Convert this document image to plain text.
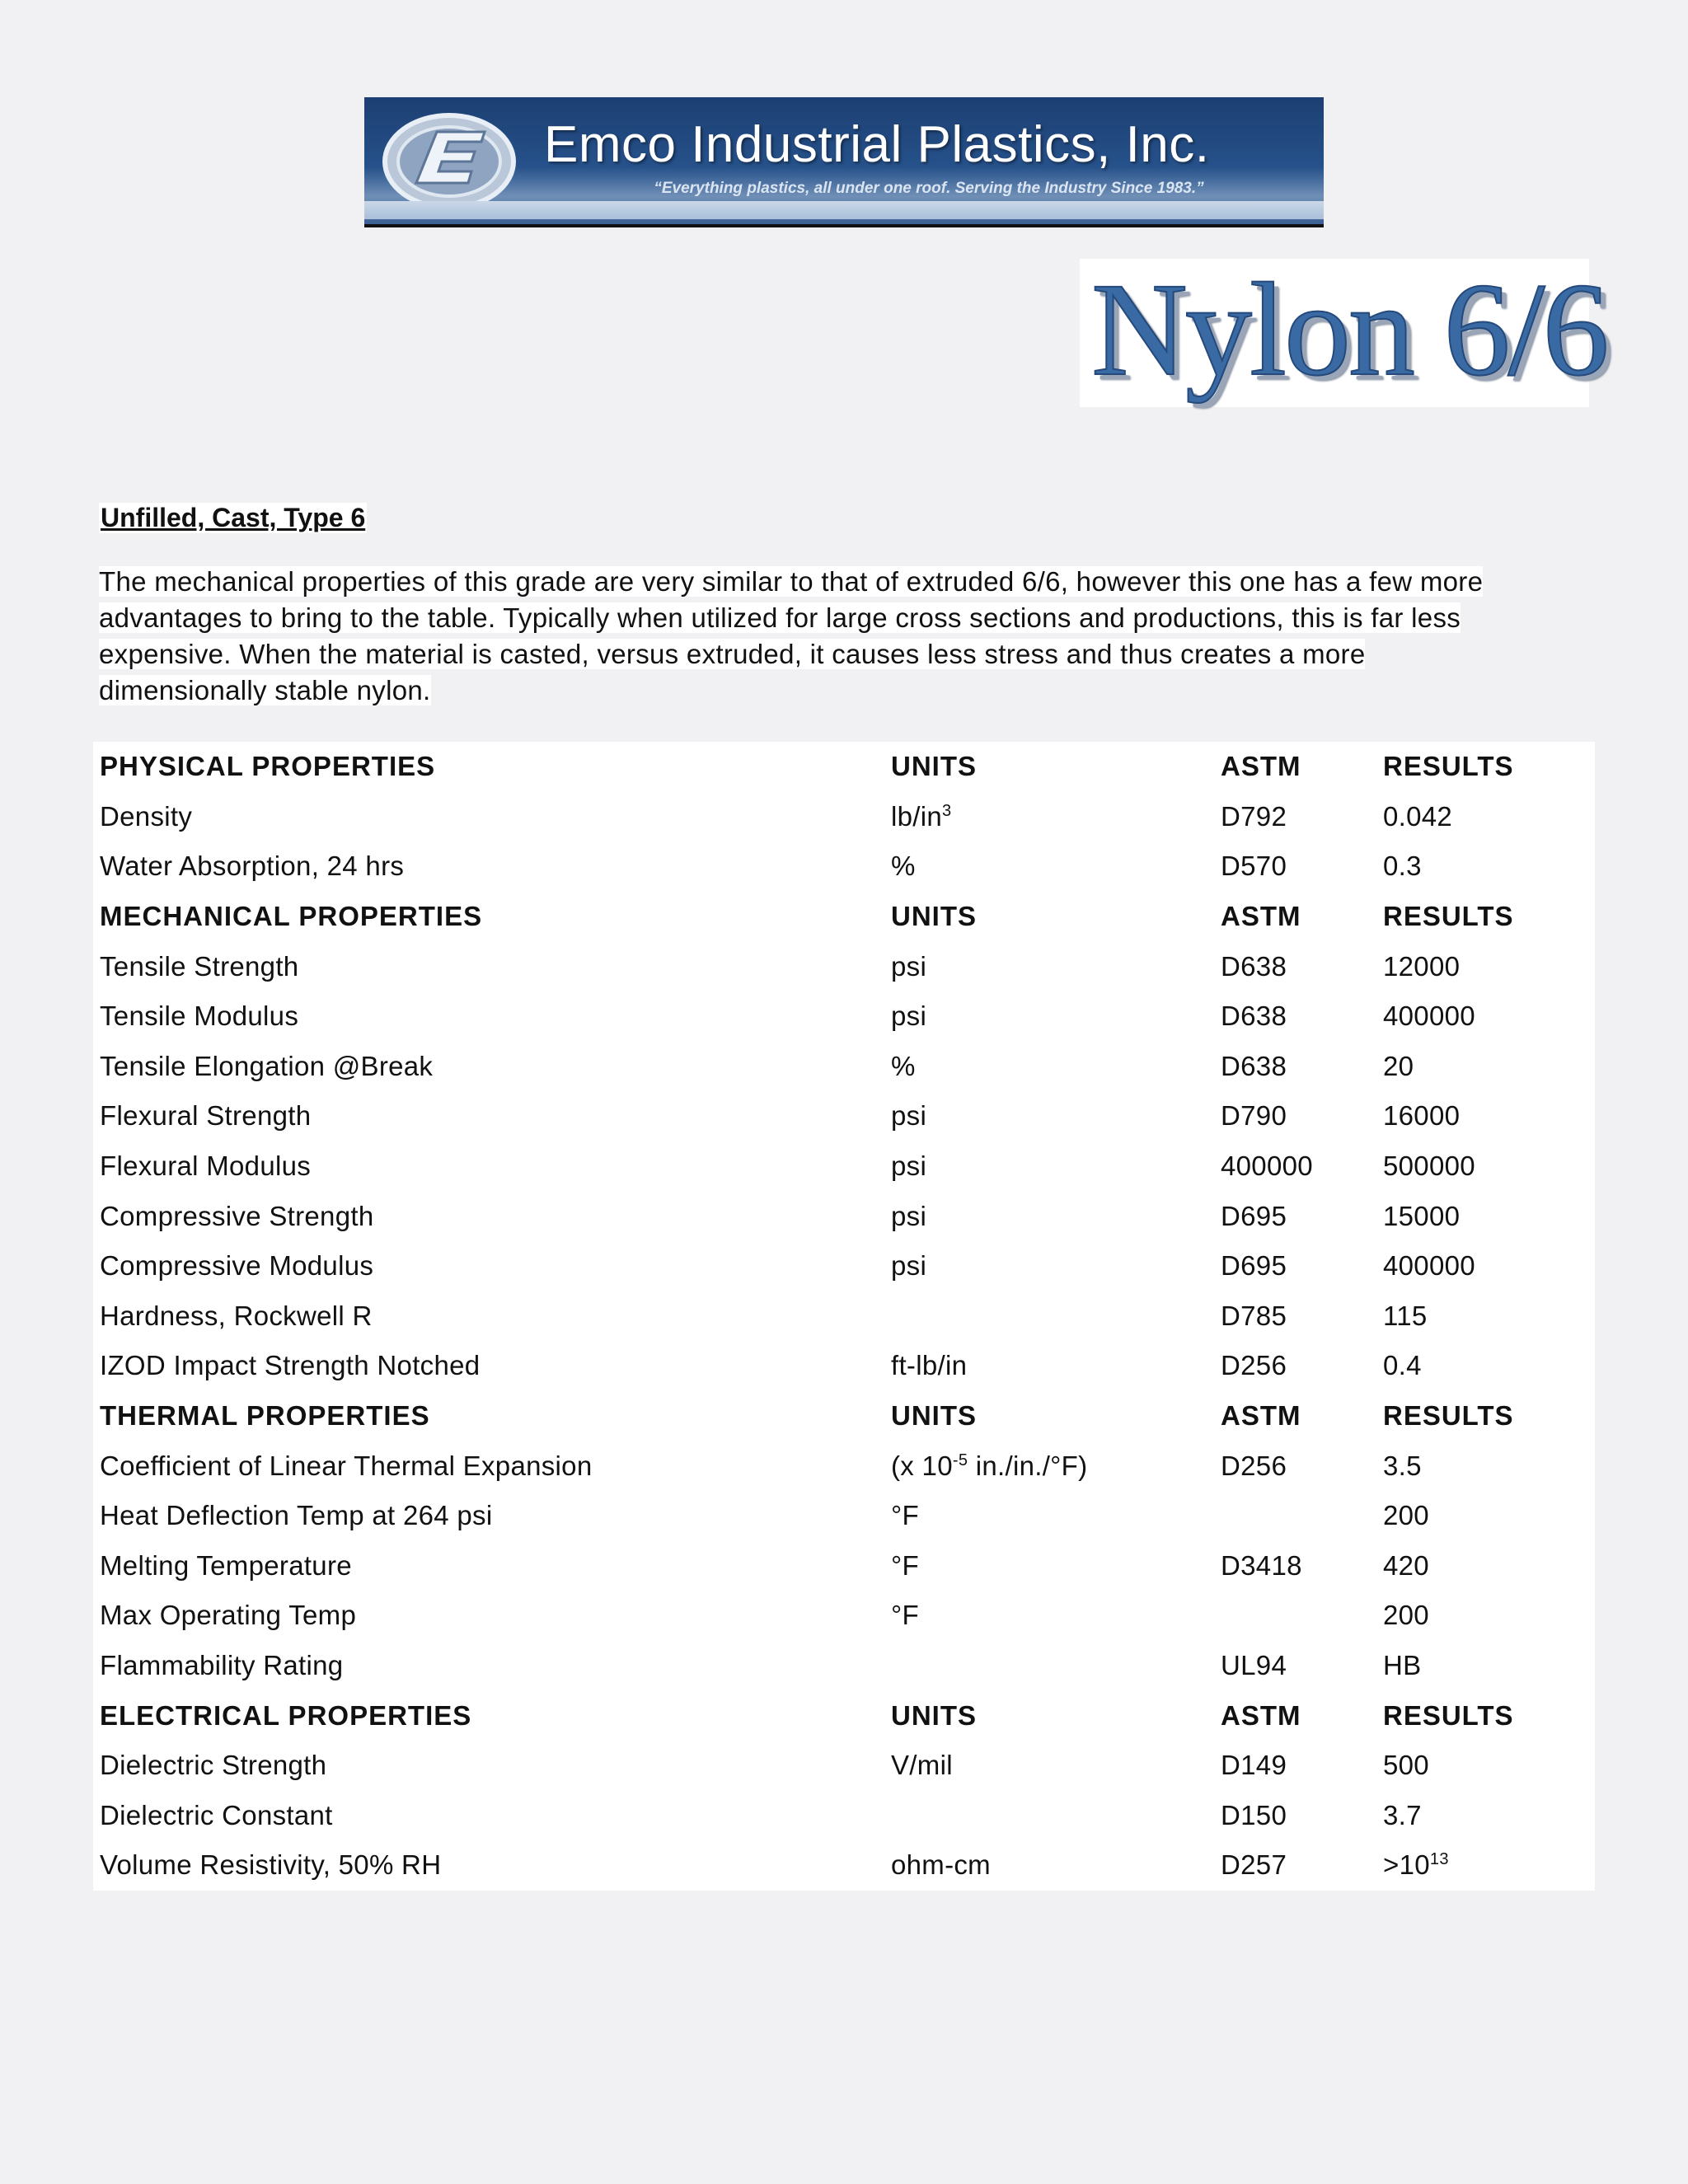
Emco Industrial Plastics, Inc.
“Everything plastics, all under one roof. Serving the Industry Since 1983.”
Nylon 6/6
Unfilled, Cast, Type 6
The mechanical properties of this grade are very similar to that of extruded 6/6, however this one has a few more
advantages to bring to the table. Typically when utilized for large cross sections and productions, this is far less
expensive. When the material is casted, versus extruded, it causes less stress and thus creates a more
dimensionally stable nylon.
PHYSICAL PROPERTIES	UNITS	ASTM	RESULTS
Density	$lb/in^3$	D792	0.042
Water Absorption, 24 hrs	%	D570	0.3
MECHANICAL PROPERTIES	UNITS	ASTM	RESULTS
Tensile Strength	psi	D638	12000
Tensile Modulus	psi	D638	400000
Tensile Elongation @Break	%	D638	20
Flexural Strength	psi	D790	16000
Flexural Modulus	psi	400000	500000
Compressive Strength	psi	D695	15000
Compressive Modulus	psi	D695	400000
Hardness, Rockwell R		D785	115
IZOD Impact Strength Notched	ft-lb/in	D256	0.4
THERMAL PROPERTIES	UNITS	ASTM	RESULTS
Coefficient of Linear Thermal Expansion	(x $10^{-5}$ in./in./°F)	D256	3.5
Heat Deflection Temp at 264 psi	°F		200
Melting Temperature	°F	D3418	420
Max Operating Temp	°F		200
Flammability Rating		UL94	HB
ELECTRICAL PROPERTIES	UNITS	ASTM	RESULTS
Dielectric Strength	V/mil	D149	500
Dielectric Constant		D150	3.7
Volume Resistivity, 50% RH	ohm-cm	D257	$>10^{13}$
